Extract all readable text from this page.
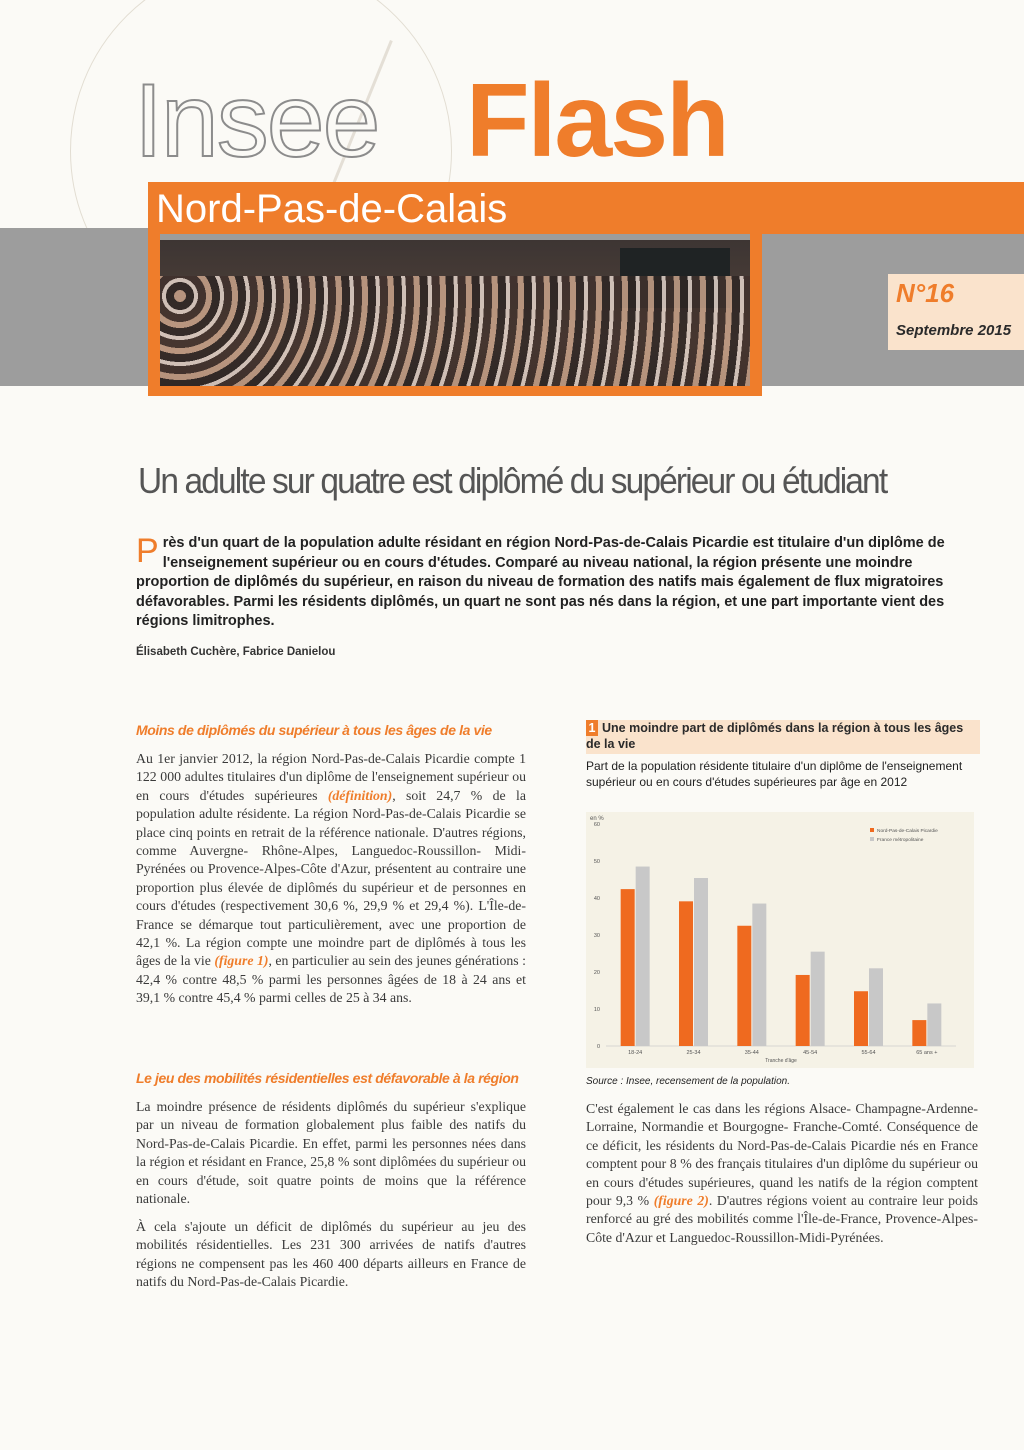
Insee Flash
Nord-Pas-de-Calais
N°16
Septembre 2015
Un adulte sur quatre est diplômé du supérieur ou étudiant
Près d'un quart de la population adulte résidant en région Nord-Pas-de-Calais Picardie est titulaire d'un diplôme de l'enseignement supérieur ou en cours d'études. Comparé au niveau national, la région présente une moindre proportion de diplômés du supérieur, en raison du niveau de formation des natifs mais également de flux migratoires défavorables. Parmi les résidents diplômés, un quart ne sont pas nés dans la région, et une part importante vient des régions limitrophes.
Élisabeth Cuchère, Fabrice Danielou
Moins de diplômés du supérieur à tous les âges de la vie
Au 1er janvier 2012, la région Nord-Pas-de-Calais Picardie compte 1 122 000 adultes titulaires d'un diplôme de l'enseignement supérieur ou en cours d'études supérieures (définition), soit 24,7 % de la population adulte résidente. La région Nord-Pas-de-Calais Picardie se place cinq points en retrait de la référence nationale. D'autres régions, comme Auvergne- Rhône-Alpes, Languedoc-Roussillon- Midi-Pyrénées ou Provence-Alpes-Côte d'Azur, présentent au contraire une proportion plus élevée de diplômés du supérieur et de personnes en cours d'études (respectivement 30,6 %, 29,9 % et 29,4 %). L'Île-de-France se démarque tout particulièrement, avec une proportion de 42,1 %. La région compte une moindre part de diplômés à tous les âges de la vie (figure 1), en particulier au sein des jeunes générations : 42,4 % contre 48,5 % parmi les personnes âgées de 18 à 24 ans et 39,1 % contre 45,4 % parmi celles de 25 à 34 ans.
Le jeu des mobilités résidentielles est défavorable à la région
La moindre présence de résidents diplômés du supérieur s'explique par un niveau de formation globalement plus faible des natifs du Nord-Pas-de-Calais Picardie. En effet, parmi les personnes nées dans la région et résidant en France, 25,8 % sont diplômées du supérieur ou en cours d'étude, soit quatre points de moins que la référence nationale.
À cela s'ajoute un déficit de diplômés du supérieur au jeu des mobilités résidentielles. Les 231 300 arrivées de natifs d'autres régions ne compensent pas les 460 400 départs ailleurs en France de natifs du Nord-Pas-de-Calais Picardie.
1 Une moindre part de diplômés dans la région à tous les âges de la vie
Part de la population résidente titulaire d'un diplôme de l'enseignement supérieur ou en cours d'études supérieures par âge en 2012
en %
0
10
20
30
40
50
60
18-24	25-34	35-44	45-54	55-64	65 ans +
Tranche d'âge
Nord-Pas-de-Calais Picardie
France métropolitaine
Source : Insee, recensement de la population.
C'est également le cas dans les régions Alsace- Champagne-Ardenne-Lorraine, Normandie et Bourgogne- Franche-Comté. Conséquence de ce déficit, les résidents du Nord-Pas-de-Calais Picardie nés en France comptent pour 8 % des français titulaires d'un diplôme du supérieur ou en cours d'études supérieures, quand les natifs de la région comptent pour 9,3 % (figure 2). D'autres régions voient au contraire leur poids renforcé au gré des mobilités comme l'Île-de-France, Provence-Alpes-Côte d'Azur et Languedoc-Roussillon-Midi-Pyrénées.
